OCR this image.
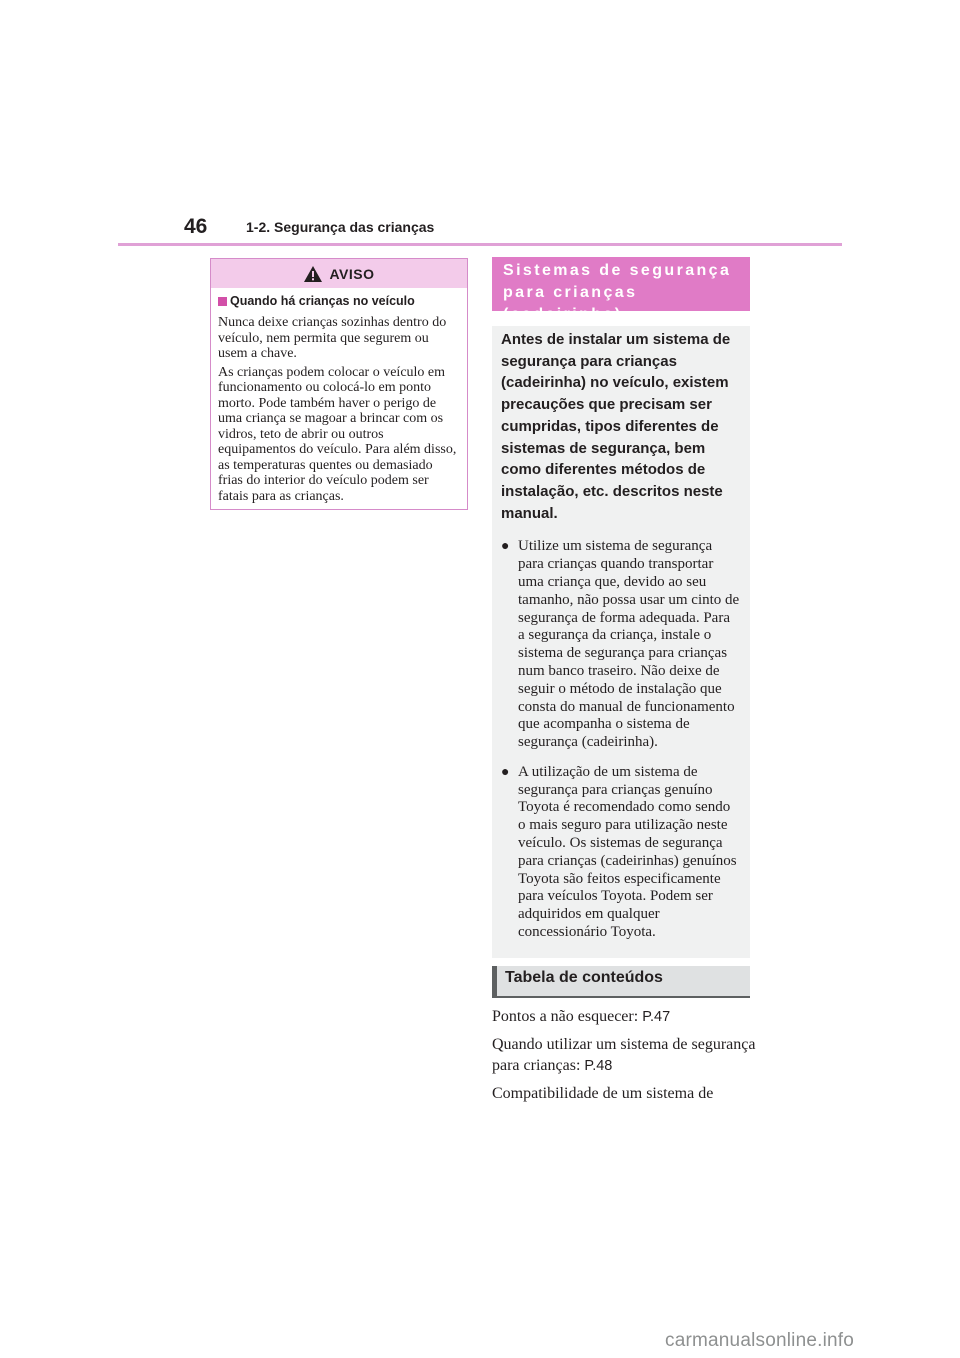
46	1-2. Segurança das crianças
AVISO
Quando há crianças no veículo

Nunca deixe crianças sozinhas dentro do veículo, nem permita que segurem ou usem a chave.

As crianças podem colocar o veículo em funcionamento ou colocá-lo em ponto morto. Pode também haver o perigo de uma criança se magoar a brincar com os vidros, teto de abrir ou outros equipamentos do veículo. Para além disso, as temperaturas quentes ou demasiado frias do interior do veículo podem ser fatais para as crianças.

Sistemas de segurança
para crianças (cadeirinha)

Antes de instalar um sistema de segurança para crianças (cadeirinha) no veículo, existem precauções que precisam ser cumpridas, tipos diferentes de sistemas de segurança, bem como diferentes métodos de instalação, etc. descritos neste manual.

● Utilize um sistema de segurança para crianças quando transportar uma criança que, devido ao seu tamanho, não possa usar um cinto de segurança de forma adequada. Para a segurança da criança, instale o sistema de segurança para crianças num banco traseiro. Não deixe de seguir o método de instalação que consta do manual de funcionamento que acompanha o sistema de segurança (cadeirinha).
● A utilização de um sistema de segurança para crianças genuíno Toyota é recomendado como sendo o mais seguro para utilização neste veículo. Os sistemas de segurança para crianças (cadeirinhas) genuínos Toyota são feitos especificamente para veículos Toyota. Podem ser adquiridos em qualquer concessionário Toyota.
Tabela de conteúdos

Pontos a não esquecer: P.47

Quando utilizar um sistema de segurança para crianças: P.48

Compatibilidade de um sistema de

carmanualsonline.info
